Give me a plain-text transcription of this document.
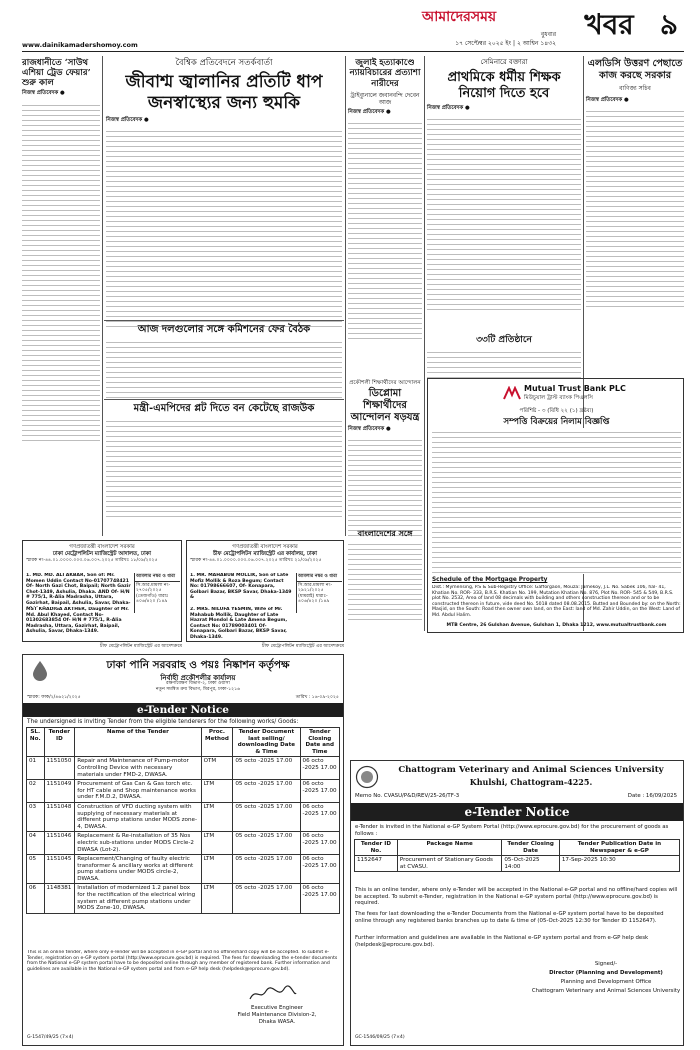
আমাদেরসময়	খবর ৯
বুধবার
১৭ সেপ্টেম্বর ২০২৫ ইং | ২ আশ্বিন ১৪৩২
www.dainikamadershomoy.com
রাজধানীতে ‘সাউথ এশিয়া ট্রেড ফেয়ার’ শুরু কাল
নিজস্ব প্রতিবেদক ●
বৈশ্বিক প্রতিবেদনে সতর্কবার্তা
জীবাশ্ম জ্বালানির প্রতিটি ধাপ জনস্বাস্থ্যের জন্য হুমকি
নিজস্ব প্রতিবেদক ●
আজ দলগুলোর সঙ্গে কমিশনের ফের বৈঠক
মন্ত্রী-এমপিদের প্লট দিতে বন কেটেছে রাজউক
জুলাই হত্যাকাণ্ডে ন্যায়বিচারের প্রত্যাশা নারীদের
ট্রাইব্যুনালে জবানবন্দি দেবেন আজ
নিজস্ব প্রতিবেদক ●
প্রকৌশলী শিক্ষার্থীদের আন্দোলন
ডিপ্লোমা শিক্ষার্থীদের আন্দোলন ষড়যন্ত্র
নিজস্ব প্রতিবেদক ●
সেমিনারে বক্তারা
প্রাথমিকে ধর্মীয় শিক্ষক নিয়োগ দিতে হবে
নিজস্ব প্রতিবেদক ●
এলডিসি উত্তরণ পেছাতে কাজ করছে সরকার
বাণিজ্য সচিব
নিজস্ব প্রতিবেদক ●
৩৩টি প্রতিষ্ঠানে
বাংলাদেশের সঙ্গে
Mutual Trust Bank PLC
মিউচুয়াল ট্রাস্ট ব্যাংক পিএলসি
পরিশিষ্ট - ৩ (বিধি ২২ (১) দ্রষ্টব্য)
সম্পত্তি বিক্রয়ের নিলাম বিজ্ঞপ্তি
Schedule of the Mortgage Property
Dist.: Mymensing, P.S & Sub-Registry Office: Gafforgaon, Mouza: Jamekoy, J.L. No. Sabek 106, hal- 41, Khatian No. ROR- 333, B.R.S. Khatian No. 199, Mutation Khatian No. 876, Plot No. ROR- 545 & 549, B.R.S. plot No. 2532, Area of land 08 decimals with building and others construction thereon and or to be constructed thereon in future, vide deed No. 5018 dated 08.08.2015. Butted and Bounded by: on the North: Masjid, on the South: Road then owner own land, on the East: land of Md. Zahir Uddin, on the West: Land of Md. Abdul Halim.
MTB Centre, 26 Gulshan Avenue, Gulshan 1, Dhaka 1212, www.mutualtrustbank.com
গণপ্রজাতন্ত্রী বাংলাদেশ সরকার
ঢাকা মেট্রোপলিটন ম্যাজিস্ট্রেট আদালত, ঢাকা
স্মারক নং-৪৪.০১.০০০০.০০৩.০৬.০০৭.২০২৫ তারিখঃ ১৮/০৯/২০২৫
1. MD. MD. ALI AKBAR, Son of: Mr. Momen Uddin Contact No-01707748421 Of- North Gazi Chot, Baipail; North Gazir Chot-1349, Ashulia, Dhaka. AND Of- H/N # 775/1, R-Alia Madrasha, Uttara, Gazirhat, Baipail, Ashulia, Savar, Dhaka-
MST KHADIGA AKTHER, Daughter of Mr. Md. Abul Khayed, Contact No- 01302683854 Of- H/N # 775/1, R-Alia Madrasha, Uttara, Gazirhat, Baipail, Ashulia, Savar, Dhaka-1349.
আমলার নম্বর ও ধারা
সি.আর.মামলা নং- ২৭০৫/২০২৫ (তেজগাঁও) ধারাঃ ৪০৬/৪২০ /১৪৯
চীফ মেট্রোপলিটন ম্যাজিস্ট্রেট এর আদেশক্রমে
গণপ্রজাতন্ত্রী বাংলাদেশ সরকার
চীফ মেট্রোপলিটন ম্যাজিস্ট্রেট এর কার্যালয়, ঢাকা
স্মারক নং-৪৪.০১.০০০০.০০৩.০৬.০০৭.২০২৫ তারিখঃ ২১/০৯/২০২৫
1. MR. MAHABUB MOLLIK, Son of Late Mofiz Mollik & Roza Begum; Contact No: 01798666607, Of- Konapara, Golbari Bazar, BKSP Savar, Dhaka-1349 &
2. MRS. NILUFA YESMIN, Wife of Mr. Mahabub Mollik, Daughter of Late Hazrat Mondol & Late Amena Begum, Contact No: 01789003401 Of- Konapara, Golbari Bazar, BKSP Savar, Dhaka-1349.
আমলার নম্বর ও ধারা
সি.আর.মামলা নং- ২৯২১/২০২৫ (ধামরাই) ধারাঃ- ৪০৬/৪২০ /১৪৯
চীফ মেট্রোপলিটন ম্যাজিস্ট্রেট এর আদেশক্রমে
ঢাকা পানি সরবরাহ ও পয়ঃ নিষ্কাশন কর্তৃপক্ষ
নির্বাহী প্রকৌশলীর কার্যালয়
রক্ষণাবেক্ষণ বিভাগ-২, ঢাকা ওয়াসা
নতুন সমন্বিত ক্রয় বিভাগ, মিরপুর, ঢাকা-১২১৬
স্মারক: ফাক/২/৪৬২১/২০২৫	তারিখ : ১৬-০৯-২০২৫
e-Tender Notice
The undersigned is inviting Tender from the eligible tenderers for the following works/ Goods:
SL. No.	Tender ID	Name of the Tender	Proc. Method	Tender Document last selling/ downloading Date & Time	Tender Closing Date and Time
01	1151050	Repair and Maintenance of Pump-motor Controlling Device with necessary materials under FMD-2, DWASA.	OTM	05 octo -2025 17.00	06 octo -2025 17.00
02	1151049	Procurement of Gas Can & Gas torch etc. for HT cable and Shop maintenance works under F.M.D.2, DWASA.	LTM	05 octo -2025 17.00	06 octo -2025 17.00
03	1151048	Construction of VFD ducting system with supplying of necessary materials at different pump stations under MODS zone-4, DWASA.	LTM	05 octo -2025 17.00	06 octo -2025 17.00
04	1151046	Replacement & Re-installation of 35 Nos electric sub-stations under MODS Circle-2 DWASA (Lot-2).	LTM	05 octo -2025 17.00	06 octo -2025 17.00
05	1151045	Replacement/Changing of faulty electric transformer & ancillary works at different pump stations under MODS circle-2, DWASA.	LTM	05 octo -2025 17.00	06 octo -2025 17.00
06	1148381	Installation of modernized 1.2 panel box for the rectification of the electrical wiring system at different pump stations under MODS Zone-10, DWASA.	LTM	05 octo -2025 17.00	06 octo -2025 17.00
This is an online tender, where only e-Tender will be accepted in e-GP portal and no offline/hard copy will be accepted. To submit e-Tender, registration on e-GP system portal (http://www.eprocure.gov.bd) is required. The fees for downloading the e-tender documents from the National e-GP system portal have to be deposited online through any member of registered bank. Further information and guidelines are available in the National e-GP system portal and from e-GP help desk (helpdesk@eprocure.gov.bd).
Executive Engineer
Field Maintenance Division-2,
Dhaka WASA.
G-1547/49/25 (7×4)
Chattogram Veterinary and Animal Sciences University
Khulshi, Chattogram-4225.
Memo No. CVASU/P&D/REV/25-26/TF-3	Date : 16/09/2025
e-Tender Notice
e-Tender is invited in the National e-GP System Portal (http://www.eprocure.gov.bd) for the procurement of goods as follows :
Tender ID No.	Package Name	Tender Closing Date	Tender Publication Date in Newspaper & e-GP
1152647	Procurement of Stationary Goods at CVASU.	05-Oct-2025 14:00	17-Sep-2025 10:30
This is an online tender, where only e-Tender will be accepted in the National e-GP portal and no offline/hard copies will be accepted. To submit e-Tender, registration in the National e-GP system portal (http://www.eprocure.gov.bd) is required.
The fees for last downloading the e-Tender Documents from the National e-GP system portal have to be deposited online through any registered banks branches up to date & time of (05-Oct-2025 12:30 for Tender ID 1152647).
Further information and guidelines are available in the National e-GP system portal and from e-GP help desk (helpdesk@eprocure.gov.bd).
Signed/-
Director (Planning and Development)
Planning and Development Office
Chattogram Veterinary and Animal Sciences University
GC-1546/09/25 (7×4)
